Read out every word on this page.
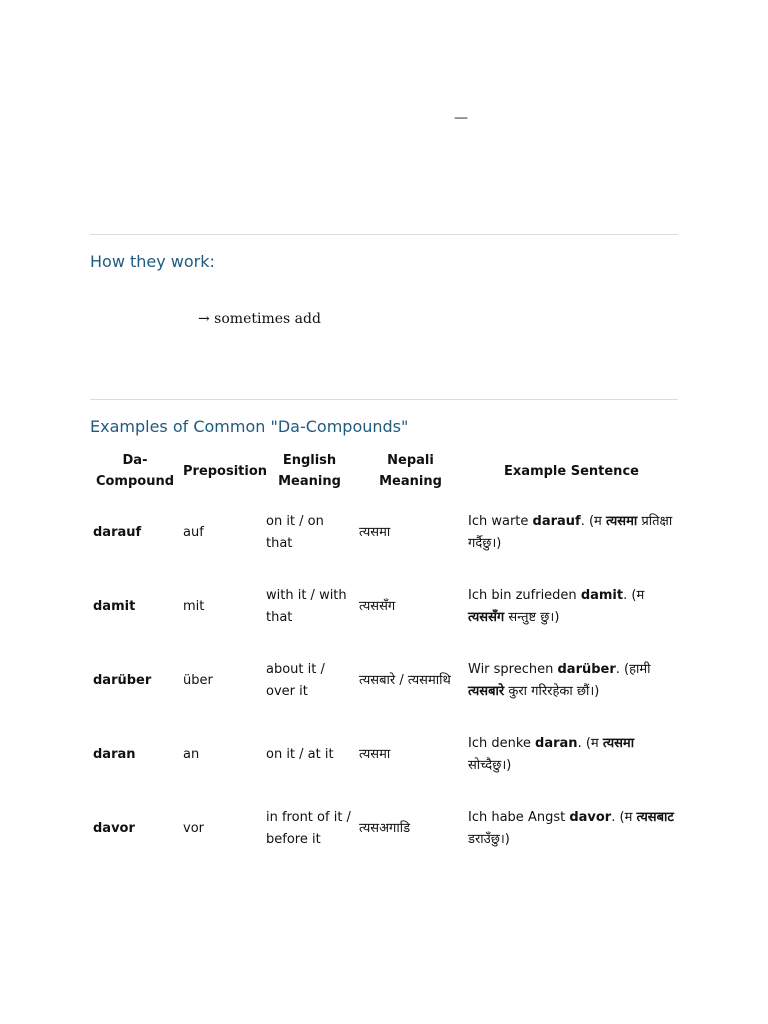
—
How they work:
→ sometimes add
Examples of Common "Da-Compounds"
Da-Compound	Preposition	English Meaning	Nepali Meaning	Example Sentence
darauf	auf	on it / on that	त्यसमा	Ich warte darauf. (म त्यसमा प्रतिक्षा गर्दैछु।)
damit	mit	with it / with that	त्यससँग	Ich bin zufrieden damit. (म त्यससँग सन्तुष्ट छु।)
darüber	über	about it / over it	त्यसबारे / त्यसमाथि	Wir sprechen darüber. (हामी त्यसबारे कुरा गरिरहेका छौं।)
daran	an	on it / at it	त्यसमा	Ich denke daran. (म त्यसमा सोच्दैछु।)
davor	vor	in front of it / before it	त्यसअगाडि	Ich habe Angst davor. (म त्यसबाट डराउँछु।)
